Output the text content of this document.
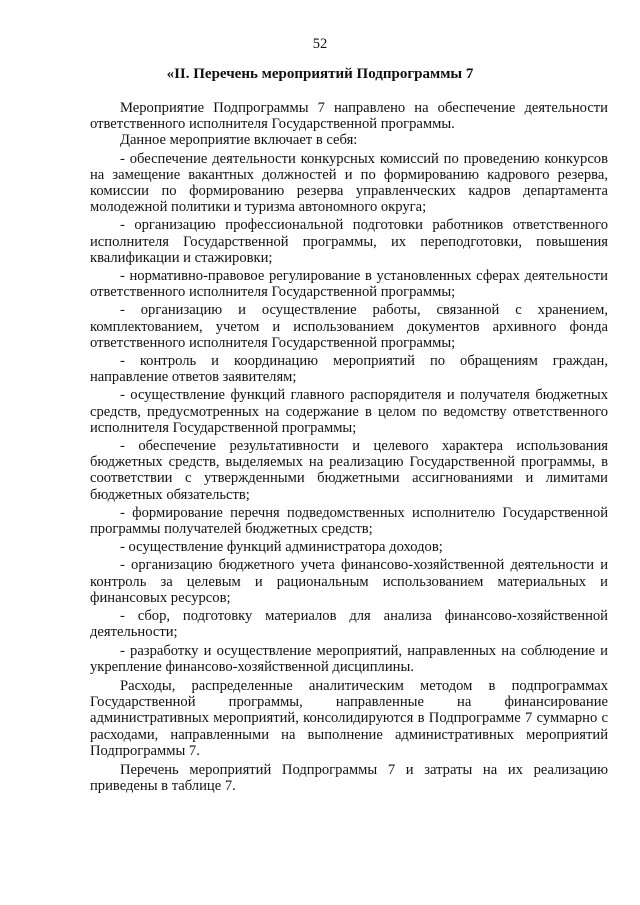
52
«II. Перечень мероприятий Подпрограммы 7

Мероприятие Подпрограммы 7 направлено на обеспечение деятельности ответственного исполнителя Государственной программы.

Данное мероприятие включает в себя:

- обеспечение деятельности конкурсных комиссий по проведению конкурсов на замещение вакантных должностей и по формированию кадрового резерва, комиссии по формированию резерва управленческих кадров департамента молодежной политики и туризма автономного округа;

- организацию профессиональной подготовки работников ответственного исполнителя Государственной программы, их переподготовки, повышения квалификации и стажировки;

- нормативно-правовое регулирование в установленных сферах деятельности ответственного исполнителя Государственной программы;

- организацию и осуществление работы, связанной с хранением, комплектованием, учетом и использованием документов архивного фонда ответственного исполнителя Государственной программы;

- контроль и координацию мероприятий по обращениям граждан, направление ответов заявителям;

- осуществление функций главного распорядителя и получателя бюджетных средств, предусмотренных на содержание в целом по ведомству ответственного исполнителя Государственной программы;

- обеспечение результативности и целевого характера использования бюджетных средств, выделяемых на реализацию Государственной программы, в соответствии с утвержденными бюджетными ассигнованиями и лимитами бюджетных обязательств;

- формирование перечня подведомственных исполнителю Государственной программы получателей бюджетных средств;

- осуществление функций администратора доходов;

- организацию бюджетного учета финансово-хозяйственной деятельности и контроль за целевым и рациональным использованием материальных и финансовых ресурсов;

- сбор, подготовку материалов для анализа финансово-хозяйственной деятельности;

- разработку и осуществление мероприятий, направленных на соблюдение и укрепление финансово-хозяйственной дисциплины.

Расходы, распределенные аналитическим методом в подпрограммах Государственной программы, направленные на финансирование административных мероприятий, консолидируются в Подпрограмме 7 суммарно с расходами, направленными на выполнение административных мероприятий Подпрограммы 7.

Перечень мероприятий Подпрограммы 7 и затраты на их реализацию приведены в таблице 7.
